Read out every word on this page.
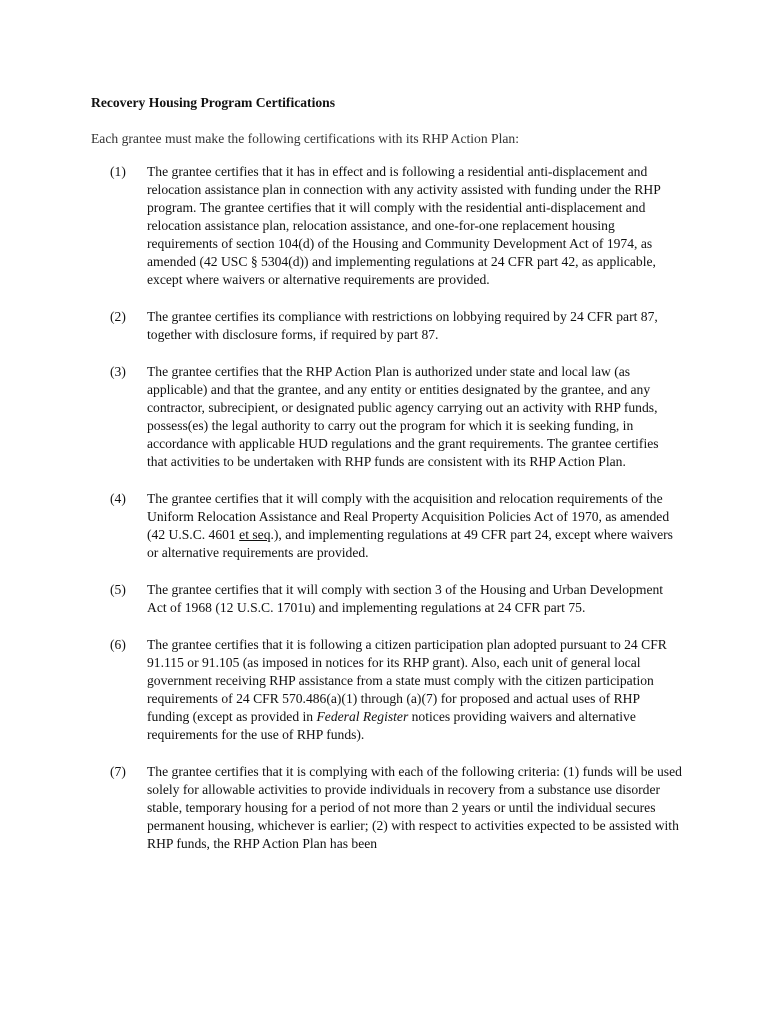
Recovery Housing Program Certifications

Each grantee must make the following certifications with its RHP Action Plan:

(1)	The grantee certifies that it has in effect and is following a residential anti-displacement and relocation assistance plan in connection with any activity assisted with funding under the RHP program. The grantee certifies that it will comply with the residential anti-displacement and relocation assistance plan, relocation assistance, and one-for-one replacement housing requirements of section 104(d) of the Housing and Community Development Act of 1974, as amended (42 USC § 5304(d)) and implementing regulations at 24 CFR part 42, as applicable, except where waivers or alternative requirements are provided.
(2)	The grantee certifies its compliance with restrictions on lobbying required by 24 CFR part 87, together with disclosure forms, if required by part 87.
(3)	The grantee certifies that the RHP Action Plan is authorized under state and local law (as applicable) and that the grantee, and any entity or entities designated by the grantee, and any contractor, subrecipient, or designated public agency carrying out an activity with RHP funds, possess(es) the legal authority to carry out the program for which it is seeking funding, in accordance with applicable HUD regulations and the grant requirements. The grantee certifies that activities to be undertaken with RHP funds are consistent with its RHP Action Plan.
(4)	The grantee certifies that it will comply with the acquisition and relocation requirements of the Uniform Relocation Assistance and Real Property Acquisition Policies Act of 1970, as amended (42 U.S.C. 4601 et seq.), and implementing regulations at 49 CFR part 24, except where waivers or alternative requirements are provided.
(5)	The grantee certifies that it will comply with section 3 of the Housing and Urban Development Act of 1968 (12 U.S.C. 1701u) and implementing regulations at 24 CFR part 75.
(6)	The grantee certifies that it is following a citizen participation plan adopted pursuant to 24 CFR 91.115 or 91.105 (as imposed in notices for its RHP grant). Also, each unit of general local government receiving RHP assistance from a state must comply with the citizen participation requirements of 24 CFR 570.486(a)(1) through (a)(7) for proposed and actual uses of RHP funding (except as provided in Federal Register notices providing waivers and alternative requirements for the use of RHP funds).
(7)	The grantee certifies that it is complying with each of the following criteria: (1) funds will be used solely for allowable activities to provide individuals in recovery from a substance use disorder stable, temporary housing for a period of not more than 2 years or until the individual secures permanent housing, whichever is earlier; (2) with respect to activities expected to be assisted with RHP funds, the RHP Action Plan has been
